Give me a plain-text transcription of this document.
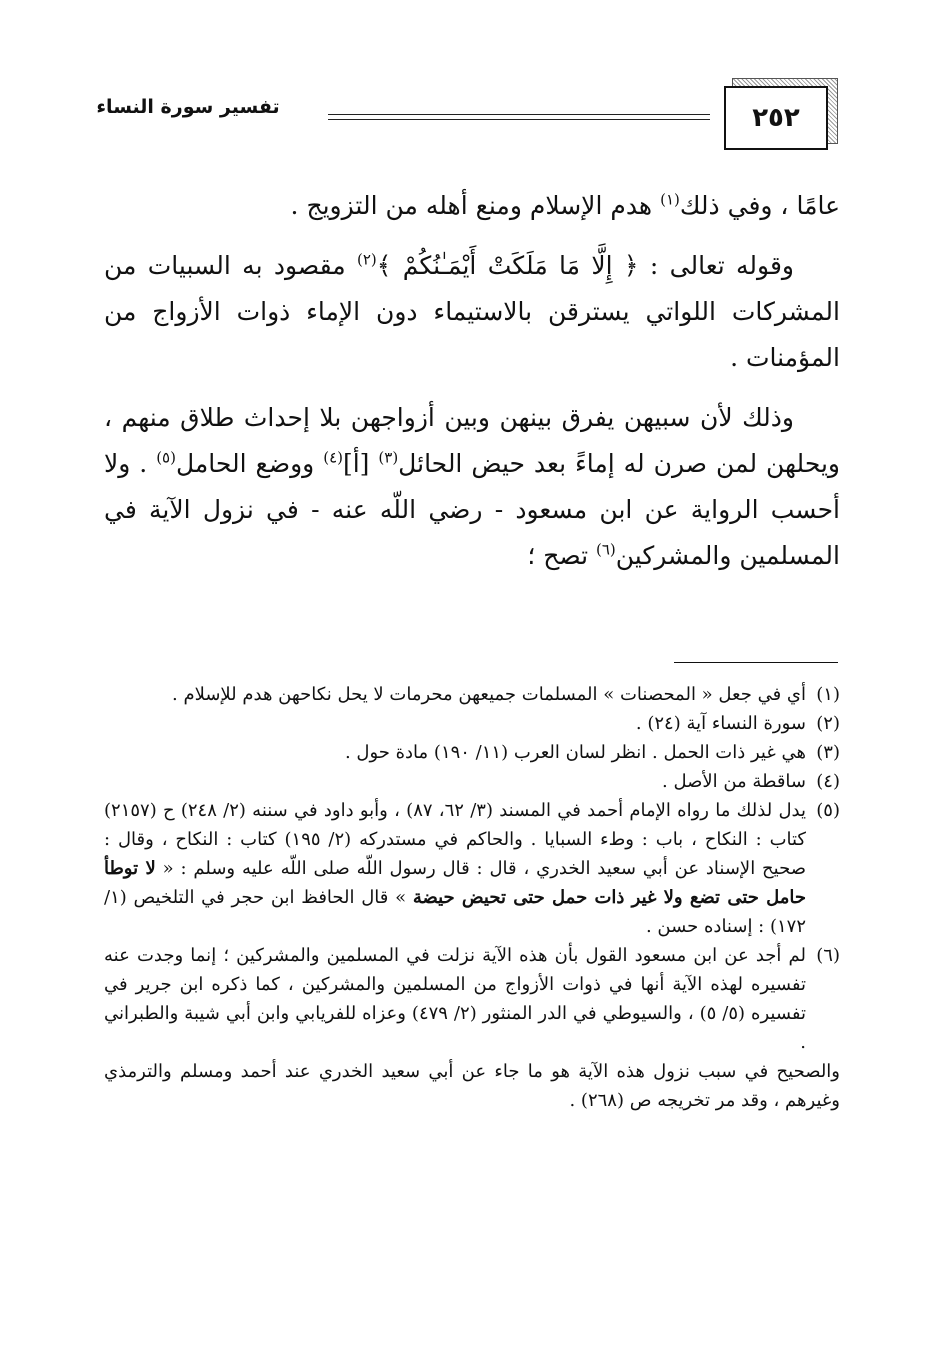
٢٥٢
تفسير سورة النساء

عامًا ، وفي ذلك$^{(١)}$ هدم الإسلام ومنع أهله من التزويج .

وقوله تعالى : ﴿ إِلَّا مَا مَلَكَتْ أَيْمَـٰنُكُمْ ﴾$^{(٢)}$ مقصود به السبيات من المشركات اللواتي يسترقن بالاستيماء دون الإماء ذوات الأزواج من المؤمنات .

وذلك لأن سبيهن يفرق بينهن وبين أزواجهن بلا إحداث طلاق منهم ، ويحلهن لمن صرن له إماءً بعد حيض الحائل$^{(٣)}$ [أ]$^{(٤)}$ ووضع الحامل$^{(٥)}$ . ولا أحسب الرواية عن ابن مسعود - رضي اللّه عنه - في نزول الآية في المسلمين والمشركين$^{(٦)}$ تصح ؛

(١)
أي في جعل « المحصنات » المسلمات جميعهن محرمات لا يحل نكاحهن هدم للإسلام .

(٢)
سورة النساء آية (٢٤) .

(٣)
هي غير ذات الحمل . انظر لسان العرب (١١/ ١٩٠) مادة حول .

(٤)
ساقطة من الأصل .

(٥)
يدل لذلك ما رواه الإمام أحمد في المسند (٣/ ٦٢، ٨٧) ، وأبو داود في سننه (٢/ ٢٤٨) ح (٢١٥٧) كتاب : النكاح ، باب : وطء السبايا . والحاكم في مستدركه (٢/ ١٩٥) كتاب : النكاح ، وقال : صحيح الإسناد عن أبي سعيد الخدري ، قال : قال رسول اللّه صلى اللّه عليه وسلم : « لا توطأ حامل حتى تضع ولا غير ذات حمل حتى تحيض حيضة » قال الحافظ ابن حجر في التلخيص (١/ ١٧٢) : إسناده حسن .

(٦)
لم أجد عن ابن مسعود القول بأن هذه الآية نزلت في المسلمين والمشركين ؛ إنما وجدت عنه تفسيره لهذه الآية أنها في ذوات الأزواج من المسلمين والمشركين ، كما ذكره ابن جرير في تفسيره (٥/ ٥) ، والسيوطي في الدر المنثور (٢/ ٤٧٩) وعزاه للفريابي وابن أبي شيبة والطبراني .

والصحيح في سبب نزول هذه الآية هو ما جاء عن أبي سعيد الخدري عند أحمد ومسلم والترمذي وغيرهم ، وقد مر تخريجه ص (٢٦٨) .
